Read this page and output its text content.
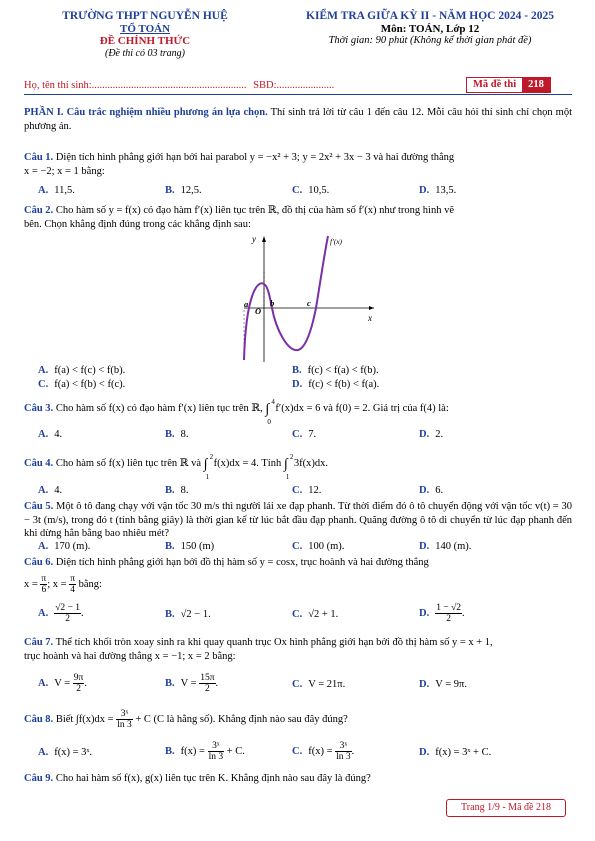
TRƯỜNG THPT NGUYỄN HUỆ
TỔ TOÁN
ĐỀ CHÍNH THỨC
(Đề thi có 03 trang)
KIỂM TRA GIỮA KỲ II - NĂM HỌC 2024 - 2025
Môn: TOÁN, Lớp 12
Thời gian: 90 phút (Không kể thời gian phát đề)
Họ, tên thí sinh:........................................................... SBD:......................	Mã đề thi	218
PHẦN I. Câu trắc nghiệm nhiều phương án lựa chọn. Thí sinh trả lời từ câu 1 đến câu 12. Mỗi câu hỏi thí sinh chỉ chọn một phương án.
Câu 1. Diện tích hình phẳng giới hạn bởi hai parabol y = −x² + 3; y = 2x² + 3x − 3 và hai đường thẳng
x = −2; x = 1 bằng:
A. 11,5.	B. 12,5.	C. 10,5.	D. 13,5.
Câu 2. Cho hàm số y = f(x) có đạo hàm f′(x) liên tục trên ℝ, đồ thị của hàm số f′(x) như trong hình vẽ
bên. Chọn khẳng định đúng trong các khẳng định sau:
y
x
f′(x)
a
O
b	c
A. f(a) < f(c) < f(b).	B. f(c) < f(a) < f(b).
C. f(a) < f(b) < f(c).	D. f(c) < f(b) < f(a).
Câu 3. Cho hàm số f(x) có đạo hàm f′(x) liên tục trên ℝ, ∫ 4
0
f′(x)dx = 6 và f(0) = 2. Giá trị của f(4) là:
A. 4.	B. 8.	C. 7.	D. 2.
Câu 4. Cho hàm số f(x) liên tục trên ℝ và ∫ 2
1
f(x)dx = 4. Tính ∫ 2
1
3f(x)dx.
A. 4.	B. 8.	C. 12.	D. 6.
Câu 5. Một ô tô đang chạy với vận tốc 30 m/s thì người lái xe đạp phanh. Từ thời điểm đó ô tô chuyển động với vận tốc v(t) = 30 − 3t (m/s), trong đó t (tính bằng giây) là thời gian kể từ lúc bắt đầu đạp phanh. Quãng đường ô tô di chuyển từ lúc đạp phanh đến khi dừng hẳn bằng bao nhiêu mét?
A. 170 (m).	B. 150 (m)	C. 100 (m).	D. 140 (m).
Câu 6. Diện tích hình phẳng giới hạn bởi đồ thị hàm số y = cosx, trục hoành và hai đường thẳng
$x = \frac{\pi}{6}$ ; $x = \frac{\pi}{4}$ bằng:
A. $\frac{√2 - 1}{2}$ .	B. √2 − 1.	C. √2 + 1.	D. $\frac{1 - √2}{2}$ .
Câu 7. Thể tích khối tròn xoay sinh ra khi quay quanh trục Ox hình phẳng giới hạn bởi đồ thị hàm số y = x + 1,
trục hoành và hai đường thẳng x = −1; x = 2 bằng:
A. $V = \frac{9\pi}{2}$ .	B. $V = \frac{15\pi}{2}$ .	C. V = 21π.	D. V = 9π.
Câu 8. Biết $\int f(x)dx = \frac{\text{3ˣ}}{\ln 3} + C$ (C là hằng số). Khẳng định nào sau đây đúng?
A. f(x) = 3ˣ.	B. $f(x) = \frac{\text{3ˣ}}{\ln 3} + C$.	C. $f(x) = \frac{\text{3ˣ}}{\ln 3}$ .	D. f(x) = 3ˣ + C.
Câu 9. Cho hai hàm số f(x), g(x) liên tục trên K. Khẳng định nào sau đây là đúng?
Trang 1/9 - Mã đề 218
